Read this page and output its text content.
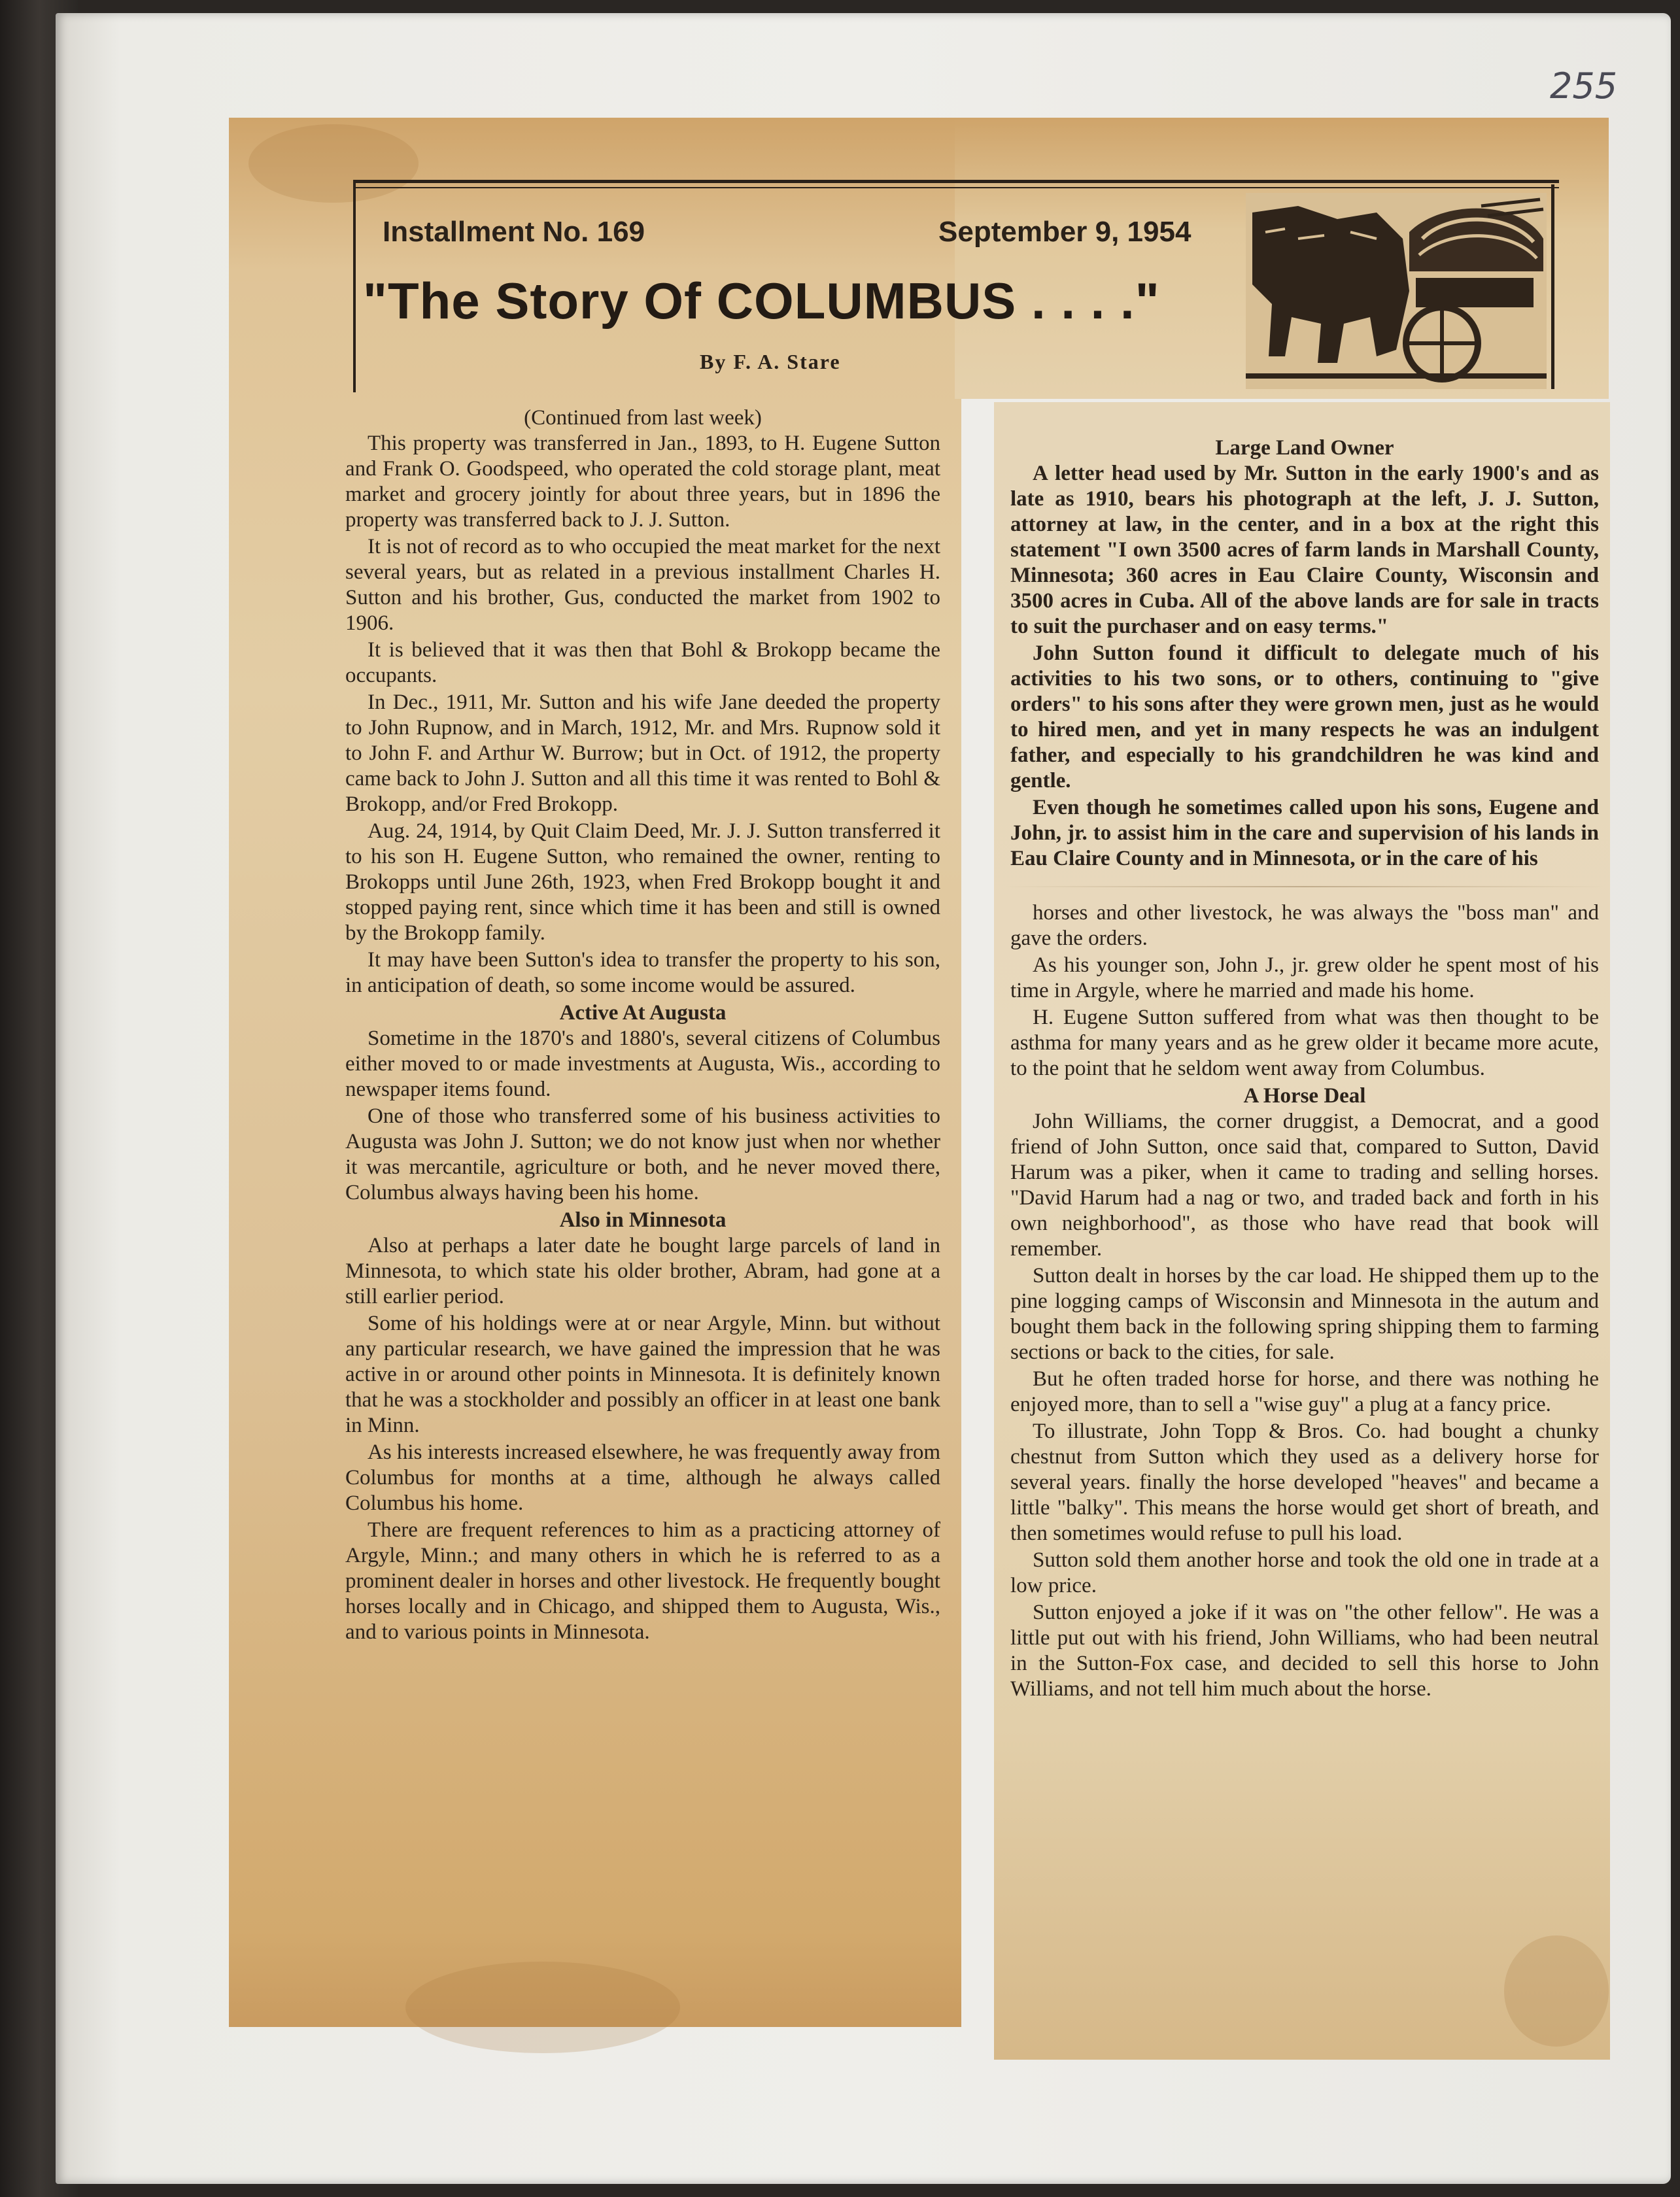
255
Installment No. 169	September 9, 1954
"The Story Of COLUMBUS . . . ."
By F. A. Stare

(Continued from last week)

This property was transferred in Jan., 1893, to H. Eugene Sutton and Frank O. Goodspeed, who operated the cold storage plant, meat market and grocery jointly for about three years, but in 1896 the property was transferred back to J. J. Sutton.

It is not of record as to who occupied the meat market for the next several years, but as related in a previous installment Charles H. Sutton and his brother, Gus, conducted the market from 1902 to 1906.

It is believed that it was then that Bohl & Brokopp became the occupants.

In Dec., 1911, Mr. Sutton and his wife Jane deeded the property to John Rupnow, and in March, 1912, Mr. and Mrs. Rupnow sold it to John F. and Arthur W. Burrow; but in Oct. of 1912, the property came back to John J. Sutton and all this time it was rented to Bohl & Brokopp, and/or Fred Brokopp.

Aug. 24, 1914, by Quit Claim Deed, Mr. J. J. Sutton transferred it to his son H. Eugene Sutton, who remained the owner, renting to Brokopps until June 26th, 1923, when Fred Brokopp bought it and stopped paying rent, since which time it has been and still is owned by the Brokopp family.

It may have been Sutton's idea to transfer the property to his son, in anticipation of death, so some income would be assured.

Active At Augusta

Sometime in the 1870's and 1880's, several citizens of Columbus either moved to or made investments at Augusta, Wis., according to newspaper items found.

One of those who transferred some of his business activities to Augusta was John J. Sutton; we do not know just when nor whether it was mercantile, agriculture or both, and he never moved there, Columbus always having been his home.

Also in Minnesota

Also at perhaps a later date he bought large parcels of land in Minnesota, to which state his older brother, Abram, had gone at a still earlier period.

Some of his holdings were at or near Argyle, Minn. but without any particular research, we have gained the impression that he was active in or around other points in Minnesota. It is definitely known that he was a stockholder and possibly an officer in at least one bank in Minn.

As his interests increased elsewhere, he was frequently away from Columbus for months at a time, although he always called Columbus his home.

There are frequent references to him as a practicing attorney of Argyle, Minn.; and many others in which he is referred to as a prominent dealer in horses and other livestock. He frequently bought horses locally and in Chicago, and shipped them to Augusta, Wis., and to various points in Minnesota.

Large Land Owner

A letter head used by Mr. Sutton in the early 1900's and as late as 1910, bears his photograph at the left, J. J. Sutton, attorney at law, in the center, and in a box at the right this statement "I own 3500 acres of farm lands in Marshall County, Minnesota; 360 acres in Eau Claire County, Wisconsin and 3500 acres in Cuba. All of the above lands are for sale in tracts to suit the purchaser and on easy terms."

John Sutton found it difficult to delegate much of his activities to his two sons, or to others, continuing to "give orders" to his sons after they were grown men, just as he would to hired men, and yet in many respects he was an indulgent father, and especially to his grandchildren he was kind and gentle.

Even though he sometimes called upon his sons, Eugene and John, jr. to assist him in the care and supervision of his lands in Eau Claire County and in Minnesota, or in the care of his

horses and other livestock, he was always the "boss man" and gave the orders.

As his younger son, John J., jr. grew older he spent most of his time in Argyle, where he married and made his home.

H. Eugene Sutton suffered from what was then thought to be asthma for many years and as he grew older it became more acute, to the point that he seldom went away from Columbus.

A Horse Deal

John Williams, the corner druggist, a Democrat, and a good friend of John Sutton, once said that, compared to Sutton, David Harum was a piker, when it came to trading and selling horses. "David Harum had a nag or two, and traded back and forth in his own neighborhood", as those who have read that book will remember.

Sutton dealt in horses by the car load. He shipped them up to the pine logging camps of Wisconsin and Minnesota in the autum and bought them back in the following spring shipping them to farming sections or back to the cities, for sale.

But he often traded horse for horse, and there was nothing he enjoyed more, than to sell a "wise guy" a plug at a fancy price.

To illustrate, John Topp & Bros. Co. had bought a chunky chestnut from Sutton which they used as a delivery horse for several years. finally the horse developed "heaves" and became a little "balky". This means the horse would get short of breath, and then sometimes would refuse to pull his load.

Sutton sold them another horse and took the old one in trade at a low price.

Sutton enjoyed a joke if it was on "the other fellow". He was a little put out with his friend, John Williams, who had been neutral in the Sutton-Fox case, and decided to sell this horse to John Williams, and not tell him much about the horse.
